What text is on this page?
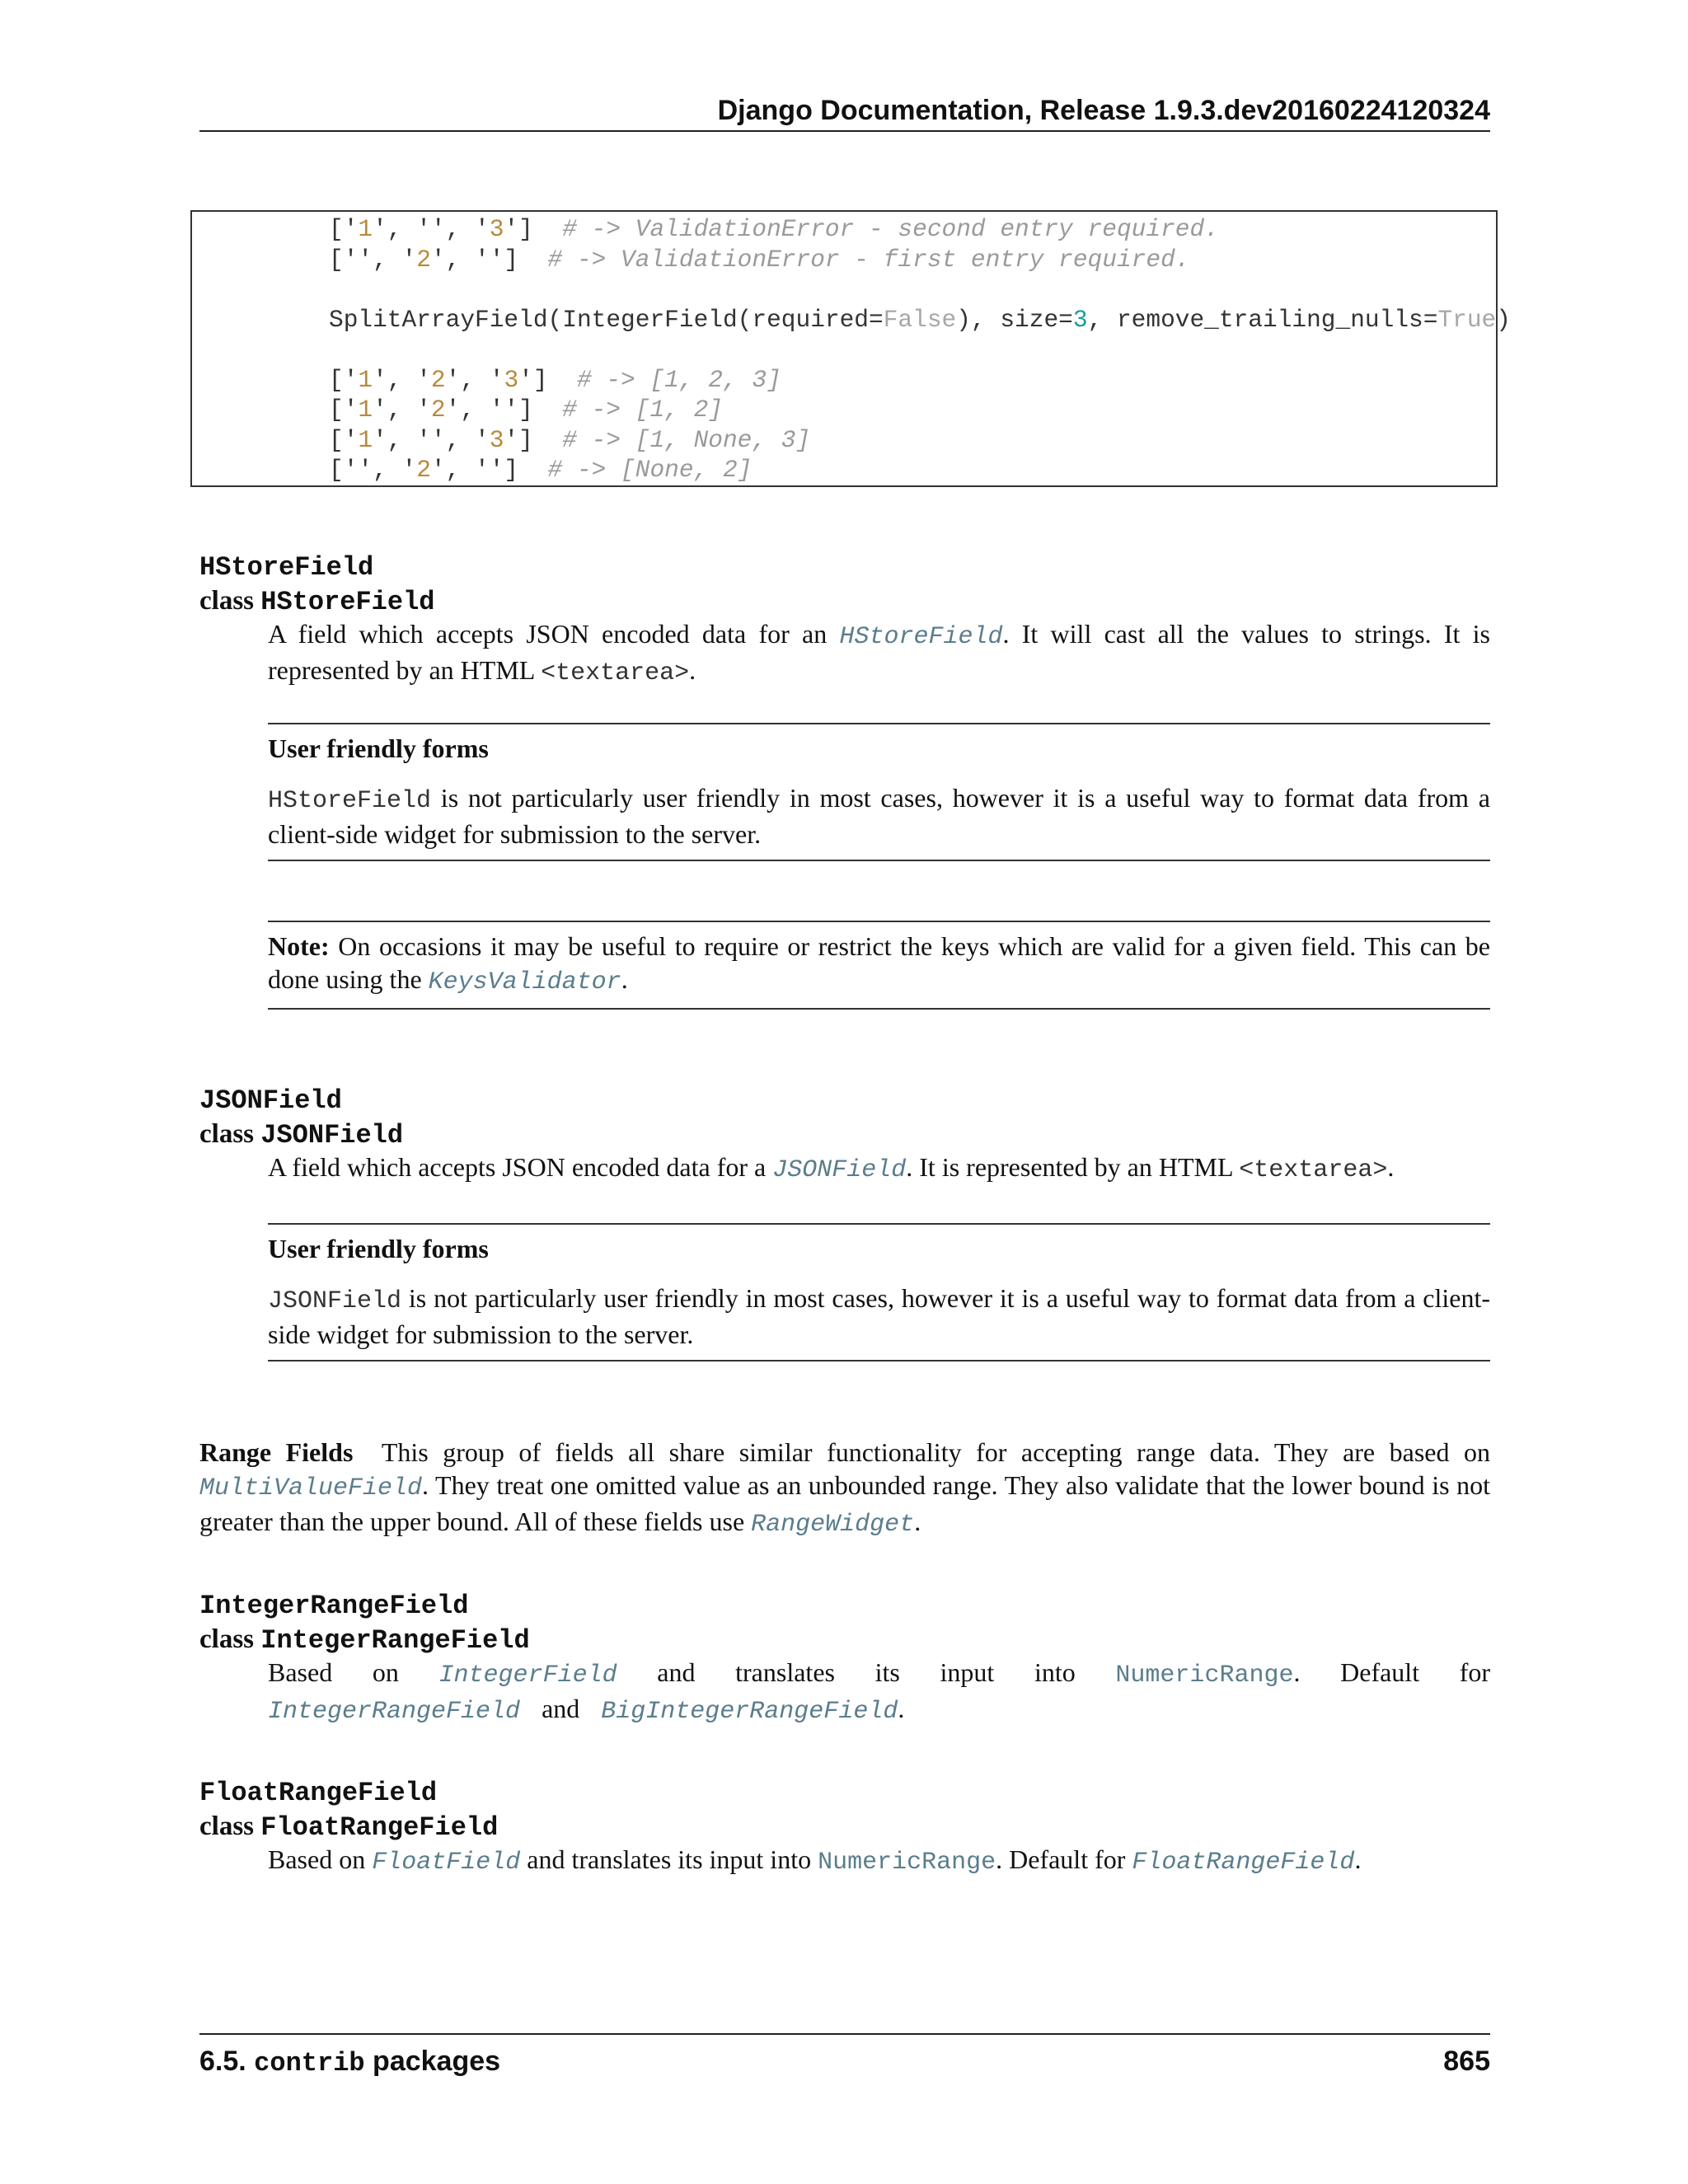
Django Documentation, Release 1.9.3.dev20160224120324
['1', '', '3'] # -> ValidationError - second entry required.
['', '2', ''] # -> ValidationError - first entry required.

SplitArrayField(IntegerField(required=False), size=3, remove_trailing_nulls=True)

['1', '2', '3'] # -> [1, 2, 3]
['1', '2', ''] # -> [1, 2]
['1', '', '3'] # -> [1, None, 3]
['', '2', ''] # -> [None, 2]
HStoreField
class HStoreField
A field which accepts JSON encoded data for an HStoreField. It will cast all the values to strings. It is represented by an HTML <textarea>.
User friendly forms
HStoreField is not particularly user friendly in most cases, however it is a useful way to format data from a client-side widget for submission to the server.
Note: On occasions it may be useful to require or restrict the keys which are valid for a given field. This can be done using the KeysValidator.
JSONField
class JSONField
A field which accepts JSON encoded data for a JSONField. It is represented by an HTML <textarea>.
User friendly forms
JSONField is not particularly user friendly in most cases, however it is a useful way to format data from a client-side widget for submission to the server.
Range Fields This group of fields all share similar functionality for accepting range data. They are based on MultiValueField. They treat one omitted value as an unbounded range. They also validate that the lower bound is not greater than the upper bound. All of these fields use RangeWidget.
IntegerRangeField
class IntegerRangeField
Based on IntegerField and translates its input into NumericRange. Default for IntegerRangeField and BigIntegerRangeField.
FloatRangeField
class FloatRangeField
Based on FloatField and translates its input into NumericRange. Default for FloatRangeField.
6.5. contrib packages	865
